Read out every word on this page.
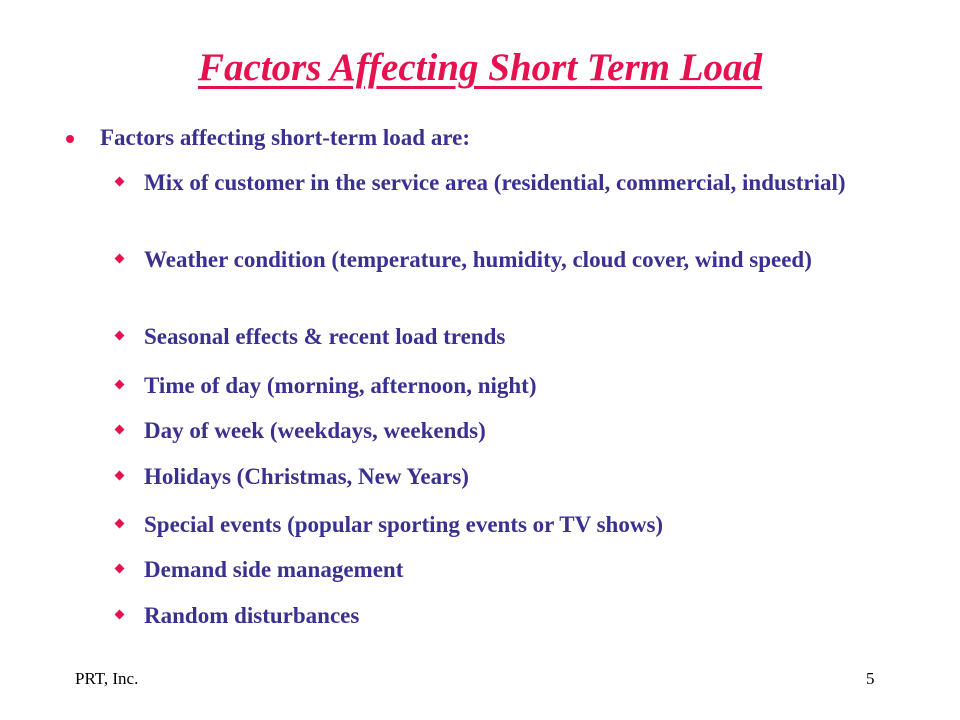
Factors Affecting Short Term Load
Factors affecting short-term load are:
Mix of customer in the service area (residential, commercial, industrial)
Weather condition (temperature, humidity, cloud cover, wind speed)
Seasonal effects & recent load trends
Time of day (morning, afternoon, night)
Day of week (weekdays, weekends)
Holidays (Christmas, New Years)
Special events (popular sporting events or TV shows)
Demand side management
Random disturbances
PRT, Inc.	5
